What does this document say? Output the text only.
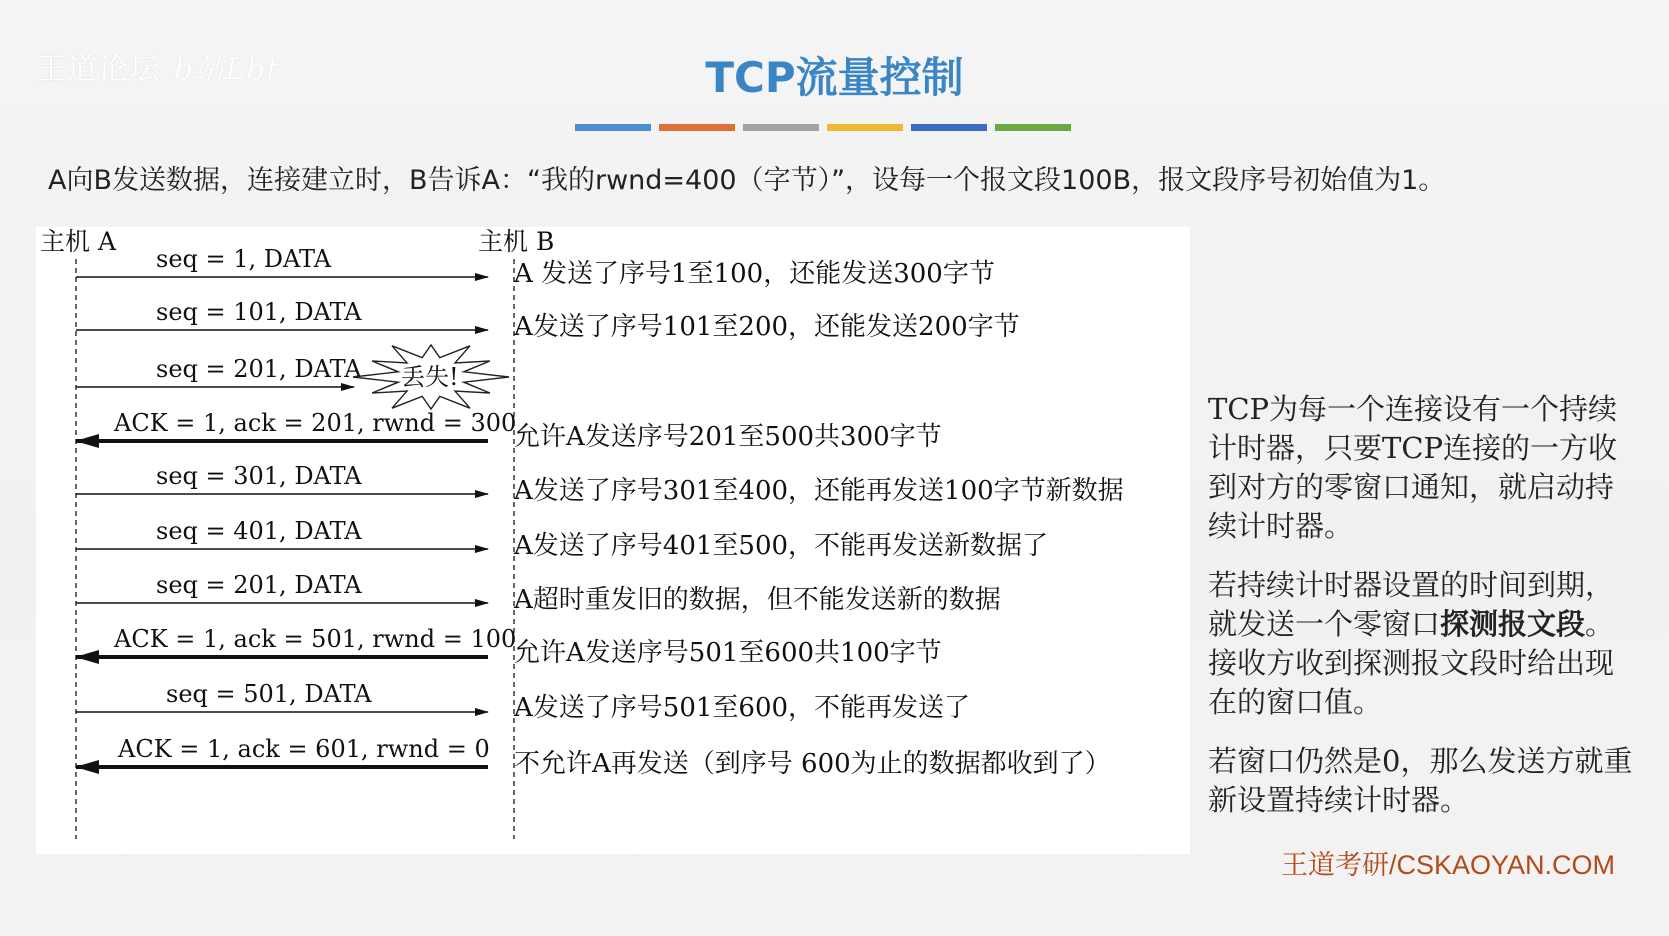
王道论坛 b站Lbt	TCP流量控制
A向B发送数据，连接建立时，B告诉A：“我的rwnd=400（字节）”，设每一个报文段100B，报文段序号初始值为1。
主机 A	主机 B
seq = 1, DATA	A 发送了序号1至100，还能发送300字节
seq = 101, DATA	A发送了序号101至200，还能发送200字节
seq = 201, DATA 丢失!
ACK = 1, ack = 201, rwnd = 300
允许A发送序号201至500共300字节
seq = 301, DATA	A发送了序号301至400，还能再发送100字节新数据
seq = 401, DATA	A发送了序号401至500，不能再发送新数据了
seq = 201, DATA	A超时重发旧的数据，但不能发送新的数据
ACK = 1, ack = 501, rwnd = 100
允许A发送序号501至600共100字节
seq = 501, DATA	A发送了序号501至600，不能再发送了
ACK = 1, ack = 601, rwnd = 0 不允许A再发送（到序号 600为止的数据都收到了）

TCP为每一个连接设有一个持续计时器，只要TCP连接的一方收到对方的零窗口通知，就启动持续计时器。

若持续计时器设置的时间到期，就发送一个零窗口探测报文段。接收方收到探测报文段时给出现在的窗口值。

若窗口仍然是0，那么发送方就重新设置持续计时器。

王道考研/CSKAOYAN.COM
